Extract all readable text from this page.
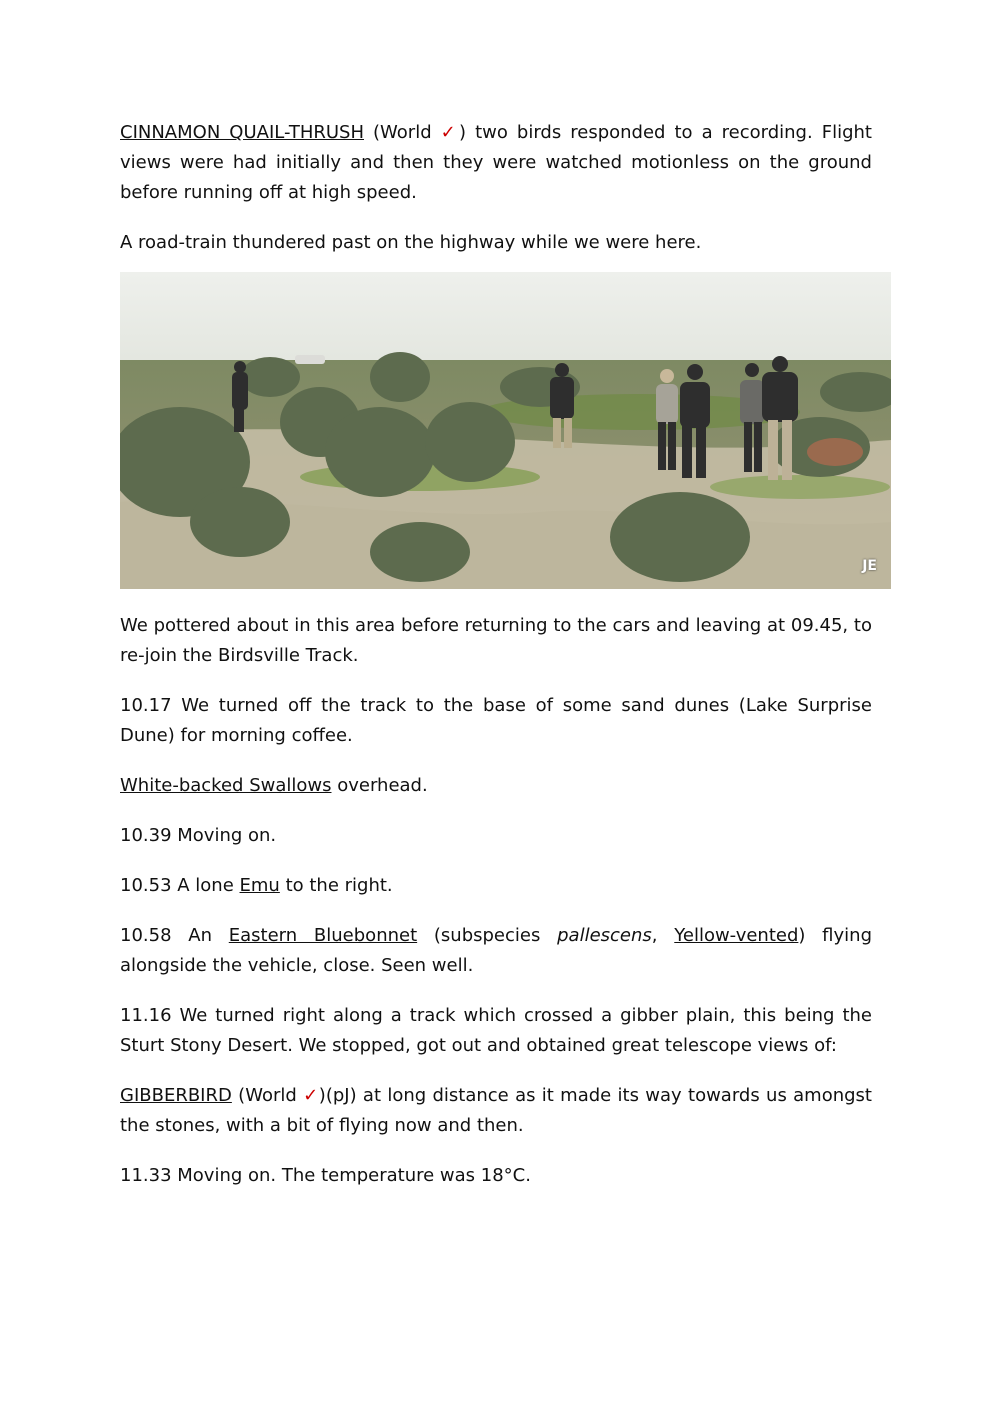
CINNAMON QUAIL-THRUSH (World ✓) two birds responded to a recording. Flight views were had initially and then they were watched motionless on the ground before running off at high speed.

A road-train thundered past on the highway while we were here.

JE

We pottered about in this area before returning to the cars and leaving at 09.45, to re-join the Birdsville Track.

10.17 We turned off the track to the base of some sand dunes (Lake Surprise Dune) for morning coffee.

White-backed Swallows overhead.

10.39 Moving on.

10.53 A lone Emu to the right.

10.58 An Eastern Bluebonnet (subspecies pallescens, Yellow-vented) flying alongside the vehicle, close. Seen well.

11.16 We turned right along a track which crossed a gibber plain, this being the Sturt Stony Desert. We stopped, got out and obtained great telescope views of:

GIBBERBIRD (World ✓)(pJ) at long distance as it made its way towards us amongst the stones, with a bit of flying now and then.

11.33 Moving on. The temperature was 18°C.
